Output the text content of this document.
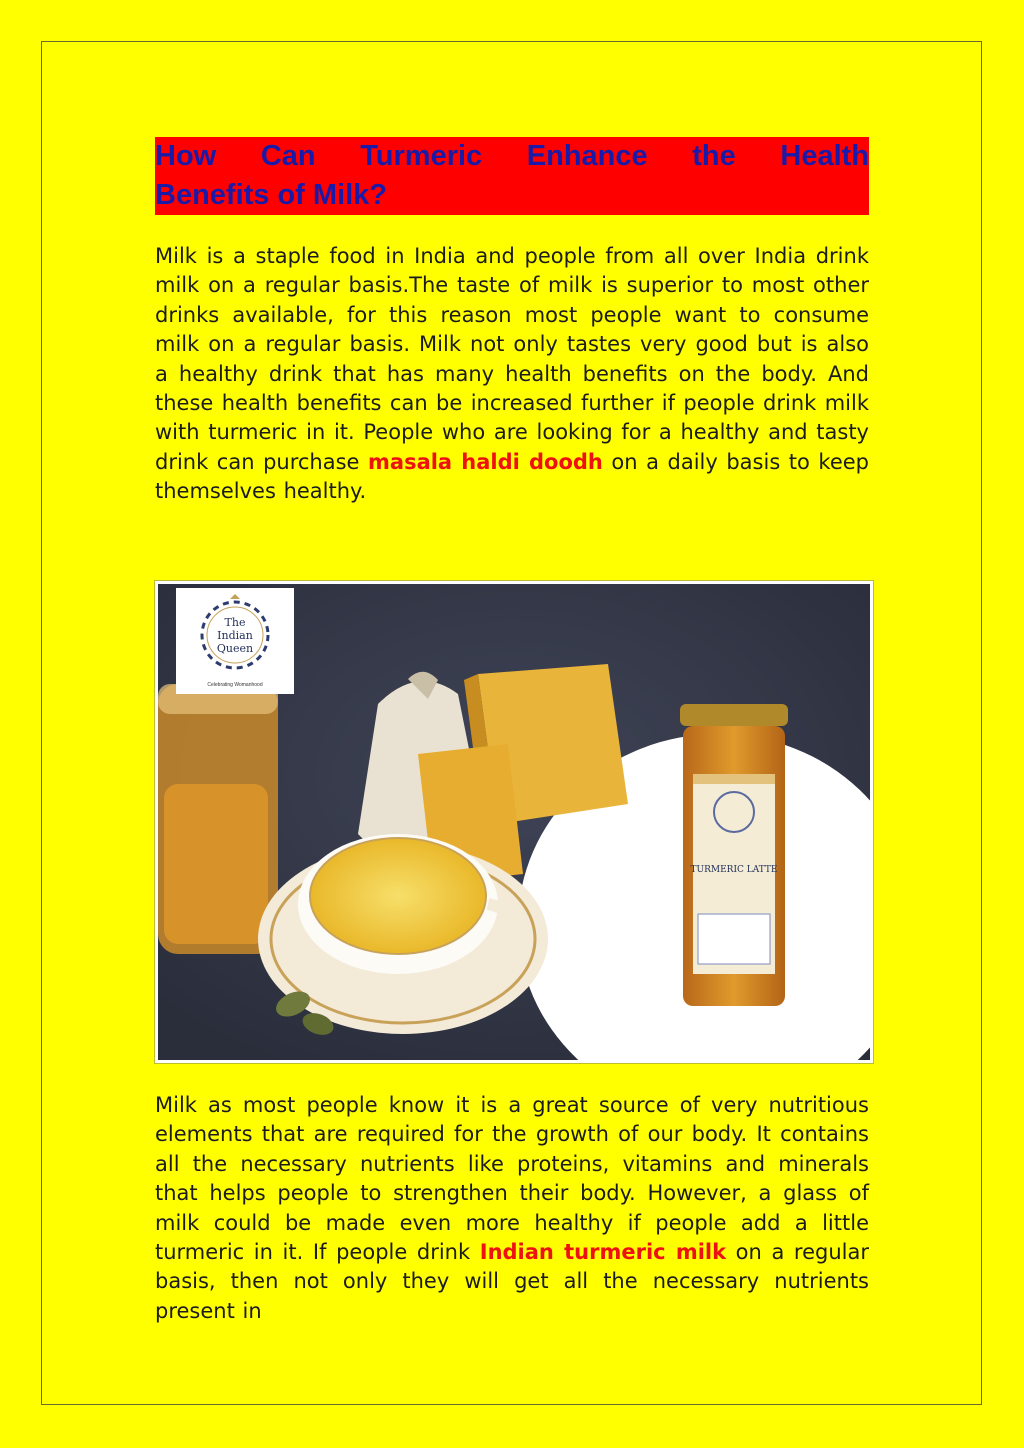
How Can Turmeric Enhance the Health
Benefits of Milk?

Milk is a staple food in India and people from all over India drink milk on a regular basis.The taste of milk is superior to most other drinks available, for this reason most people want to consume milk on a regular basis. Milk not only tastes very good but is also a healthy drink that has many health benefits on the body. And these health benefits can be increased further if people drink milk with turmeric in it. People who are looking for a healthy and tasty drink can purchase masala haldi doodh on a daily basis to keep themselves healthy.

TURMERIC LATTE
The
Indian
Queen
Celebrating Womanhood

Milk as most people know it is a great source of very nutritious elements that are required for the growth of our body. It contains all the necessary nutrients like proteins, vitamins and minerals that helps people to strengthen their body. However, a glass of milk could be made even more healthy if people add a little turmeric in it. If people drink Indian turmeric milk on a regular basis, then not only they will get all the necessary nutrients present in
